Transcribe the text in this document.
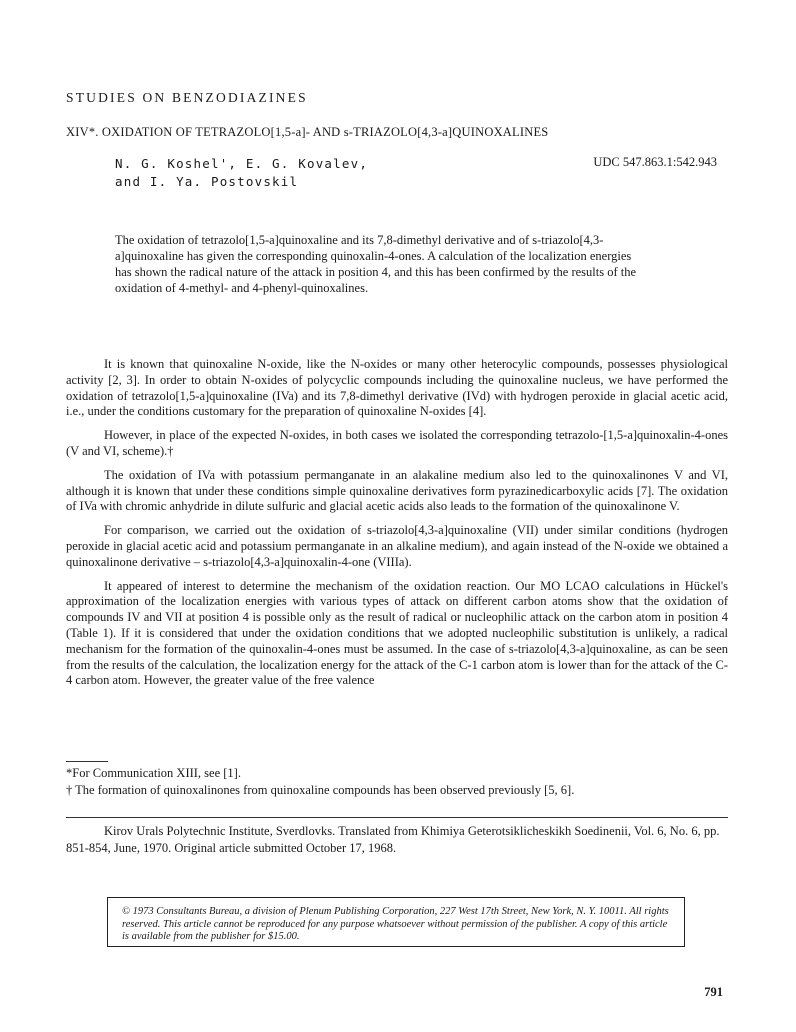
STUDIES ON BENZODIAZINES
XIV*. OXIDATION OF TETRAZOLO[1,5-a]- AND s-TRIAZOLO[4,3-a]QUINOXALINES
N. G. Koshel', E. G. Kovalev,
and I. Ya. Postovskil
UDC 547.863.1:542.943

The oxidation of tetrazolo[1,5-a]quinoxaline and its 7,8-dimethyl derivative and of s-triazolo[4,3-a]quinoxaline has given the corresponding quinoxalin-4-ones. A calculation of the localization energies has shown the radical nature of the attack in position 4, and this has been confirmed by the results of the oxidation of 4-methyl- and 4-phenyl-quinoxalines.

It is known that quinoxaline N-oxide, like the N-oxides or many other heterocylic compounds, possesses physiological activity [2, 3]. In order to obtain N-oxides of polycyclic compounds including the quinoxaline nucleus, we have performed the oxidation of tetrazolo[1,5-a]quinoxaline (IVa) and its 7,8-dimethyl derivative (IVd) with hydrogen peroxide in glacial acetic acid, i.e., under the conditions customary for the preparation of quinoxaline N-oxides [4].

However, in place of the expected N-oxides, in both cases we isolated the corresponding tetrazolo-[1,5-a]quinoxalin-4-ones (V and VI, scheme).†

The oxidation of IVa with potassium permanganate in an alakaline medium also led to the quinoxalinones V and VI, although it is known that under these conditions simple quinoxaline derivatives form pyrazinedicarboxylic acids [7]. The oxidation of IVa with chromic anhydride in dilute sulfuric and glacial acetic acids also leads to the formation of the quinoxalinone V.

For comparison, we carried out the oxidation of s-triazolo[4,3-a]quinoxaline (VII) under similar conditions (hydrogen peroxide in glacial acetic acid and potassium permanganate in an alkaline medium), and again instead of the N-oxide we obtained a quinoxalinone derivative – s-triazolo[4,3-a]quinoxalin-4-one (VIIIa).

It appeared of interest to determine the mechanism of the oxidation reaction. Our MO LCAO calculations in Hückel's approximation of the localization energies with various types of attack on different carbon atoms show that the oxidation of compounds IV and VII at position 4 is possible only as the result of radical or nucleophilic attack on the carbon atom in position 4 (Table 1). If it is considered that under the oxidation conditions that we adopted nucleophilic substitution is unlikely, a radical mechanism for the formation of the quinoxalin-4-ones must be assumed. In the case of s-triazolo[4,3-a]quinoxaline, as can be seen from the results of the calculation, the localization energy for the attack of the C-1 carbon atom is lower than for the attack of the C-4 carbon atom. However, the greater value of the free valence

*For Communication XIII, see [1].
† The formation of quinoxalinones from quinoxaline compounds has been observed previously [5, 6].

Kirov Urals Polytechnic Institute, Sverdlovks. Translated from Khimiya Geterotsiklicheskikh Soedinenii, Vol. 6, No. 6, pp. 851-854, June, 1970. Original article submitted October 17, 1968.

© 1973 Consultants Bureau, a division of Plenum Publishing Corporation, 227 West 17th Street, New York, N. Y. 10011. All rights reserved. This article cannot be reproduced for any purpose whatsoever without permission of the publisher. A copy of this article is available from the publisher for $15.00.
791
